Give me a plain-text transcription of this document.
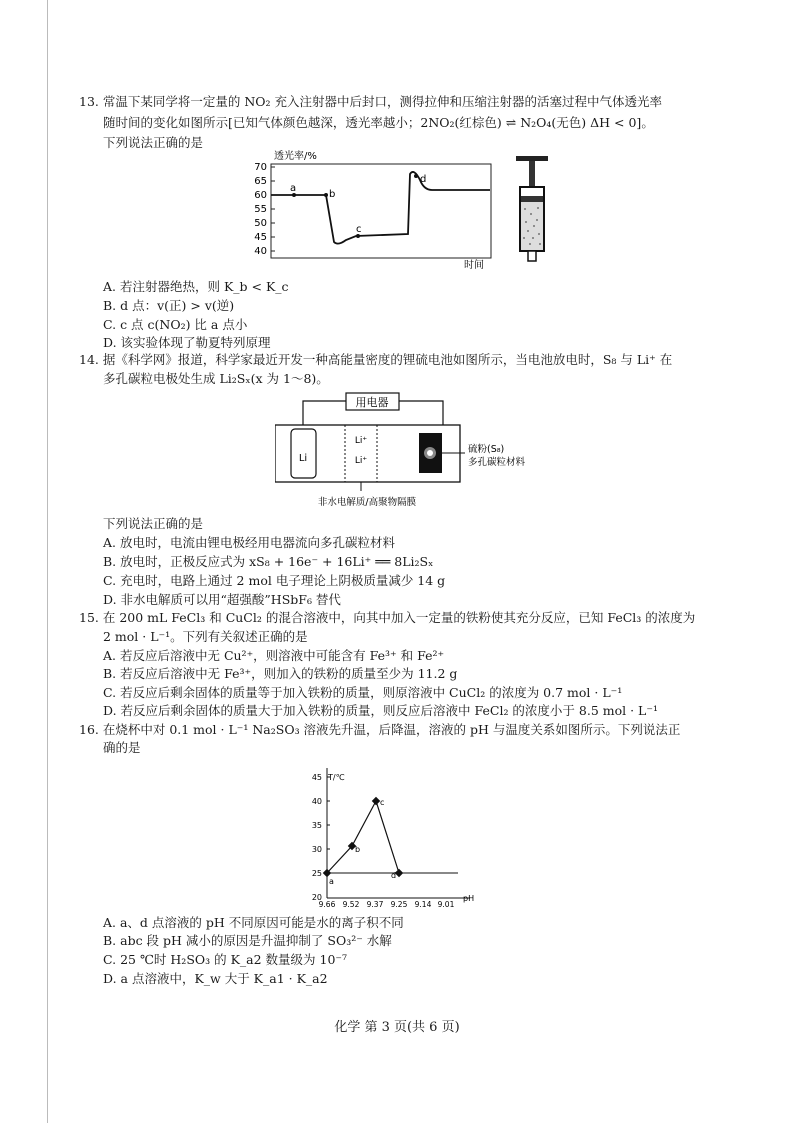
13. 常温下某同学将一定量的 NO₂ 充入注射器中后封口，测得拉伸和压缩注射器的活塞过程中气体透光率
随时间的变化如图所示[已知气体颜色越深，透光率越小；2NO₂(红棕色) ⇌ N₂O₄(无色) ΔH < 0]。
下列说法正确的是
透光率/%
70
65
60
55
50
45
40
a
b
c
d
时间
A. 若注射器绝热，则 K_b < K_c
B. d 点：v(正) > v(逆)
C. c 点 c(NO₂) 比 a 点小
D. 该实验体现了勒夏特列原理
14. 据《科学网》报道，科学家最近开发一种高能量密度的锂硫电池如图所示，当电池放电时，S₈ 与 Li⁺ 在
多孔碳粒电极处生成 Li₂Sₓ(x 为 1～8)。
用电器
Li
Li⁺
Li⁺
硫粉(S₈)
多孔碳粒材料
非水电解质/高聚物隔膜
下列说法正确的是
A. 放电时，电流由锂电极经用电器流向多孔碳粒材料
B. 放电时，正极反应式为 xS₈ + 16e⁻ + 16Li⁺ ══ 8Li₂Sₓ
C. 充电时，电路上通过 2 mol 电子理论上阴极质量减少 14 g
D. 非水电解质可以用“超强酸”HSbF₆ 替代
15. 在 200 mL FeCl₃ 和 CuCl₂ 的混合溶液中，向其中加入一定量的铁粉使其充分反应，已知 FeCl₃ 的浓度为
2 mol · L⁻¹。下列有关叙述正确的是
A. 若反应后溶液中无 Cu²⁺，则溶液中可能含有 Fe³⁺ 和 Fe²⁺
B. 若反应后溶液中无 Fe³⁺，则加入的铁粉的质量至少为 11.2 g
C. 若反应后剩余固体的质量等于加入铁粉的质量，则原溶液中 CuCl₂ 的浓度为 0.7 mol · L⁻¹
D. 若反应后剩余固体的质量大于加入铁粉的质量，则反应后溶液中 FeCl₂ 的浓度小于 8.5 mol · L⁻¹
16. 在烧杯中对 0.1 mol · L⁻¹ Na₂SO₃ 溶液先升温，后降温，溶液的 pH 与温度关系如图所示。下列说法正
确的是
T/℃
45
40
35
30
25
20
a
b
c
d
9.66 9.52 9.37 9.25 9.14 9.01
pH
A. a、d 点溶液的 pH 不同原因可能是水的离子积不同
B. abc 段 pH 减小的原因是升温抑制了 SO₃²⁻ 水解
C. 25 ℃时 H₂SO₃ 的 K_a2 数量级为 10⁻⁷
D. a 点溶液中，K_w 大于 K_a1 · K_a2
化学 第 3 页(共 6 页)
